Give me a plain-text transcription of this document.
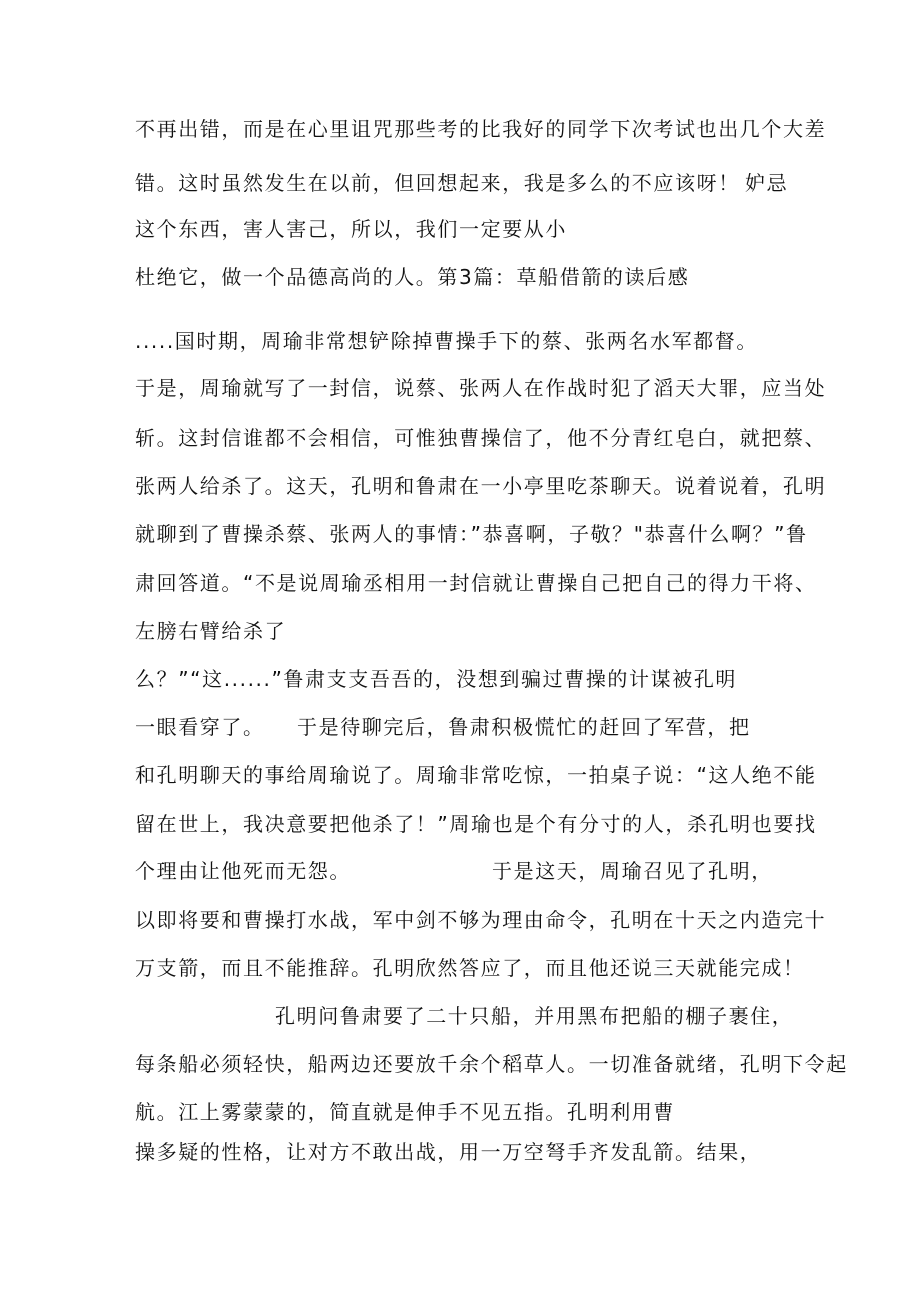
不再出错，而是在心里诅咒那些考的比我好的同学下次考试也出几个大差
错。这时虽然发生在以前，但回想起来，我是多么的不应该呀！ 妒忌
这个东西，害人害己，所以，我们一定要从小
杜绝它，做一个品德高尚的人。第3篇：草船借箭的读后感
.....国时期，周瑜非常想铲除掉曹操手下的蔡、张两名水军都督。
于是，周瑜就写了一封信，说蔡、张两人在作战时犯了滔天大罪，应当处
斩。这封信谁都不会相信，可惟独曹操信了，他不分青红皂白，就把蔡、
张两人给杀了。这天，孔明和鲁肃在一小亭里吃茶聊天。说着说着，孔明
就聊到了曹操杀蔡、张两人的事情：”恭喜啊，子敬？"恭喜什么啊？”鲁
肃回答道。“不是说周瑜丞相用一封信就让曹操自己把自己的得力干将、
左膀右臂给杀了
么？”“这......”鲁肃支支吾吾的，没想到骗过曹操的计谋被孔明
一眼看穿了。 于是待聊完后，鲁肃积极慌忙的赶回了军营，把
和孔明聊天的事给周瑜说了。周瑜非常吃惊，一拍桌子说：“这人绝不能
留在世上，我决意要把他杀了！”周瑜也是个有分寸的人，杀孔明也要找
个理由让他死而无怨。	于是这天，周瑜召见了孔明，
以即将要和曹操打水战，军中剑不够为理由命令，孔明在十天之内造完十
万支箭，而且不能推辞。孔明欣然答应了，而且他还说三天就能完成！
孔明问鲁肃要了二十只船，并用黑布把船的棚子裹住，
每条船必须轻快，船两边还要放千余个稻草人。一切准备就绪，孔明下令起
航。江上雾蒙蒙的，简直就是伸手不见五指。孔明利用曹
操多疑的性格，让对方不敢出战，用一万空弩手齐发乱箭。结果，
